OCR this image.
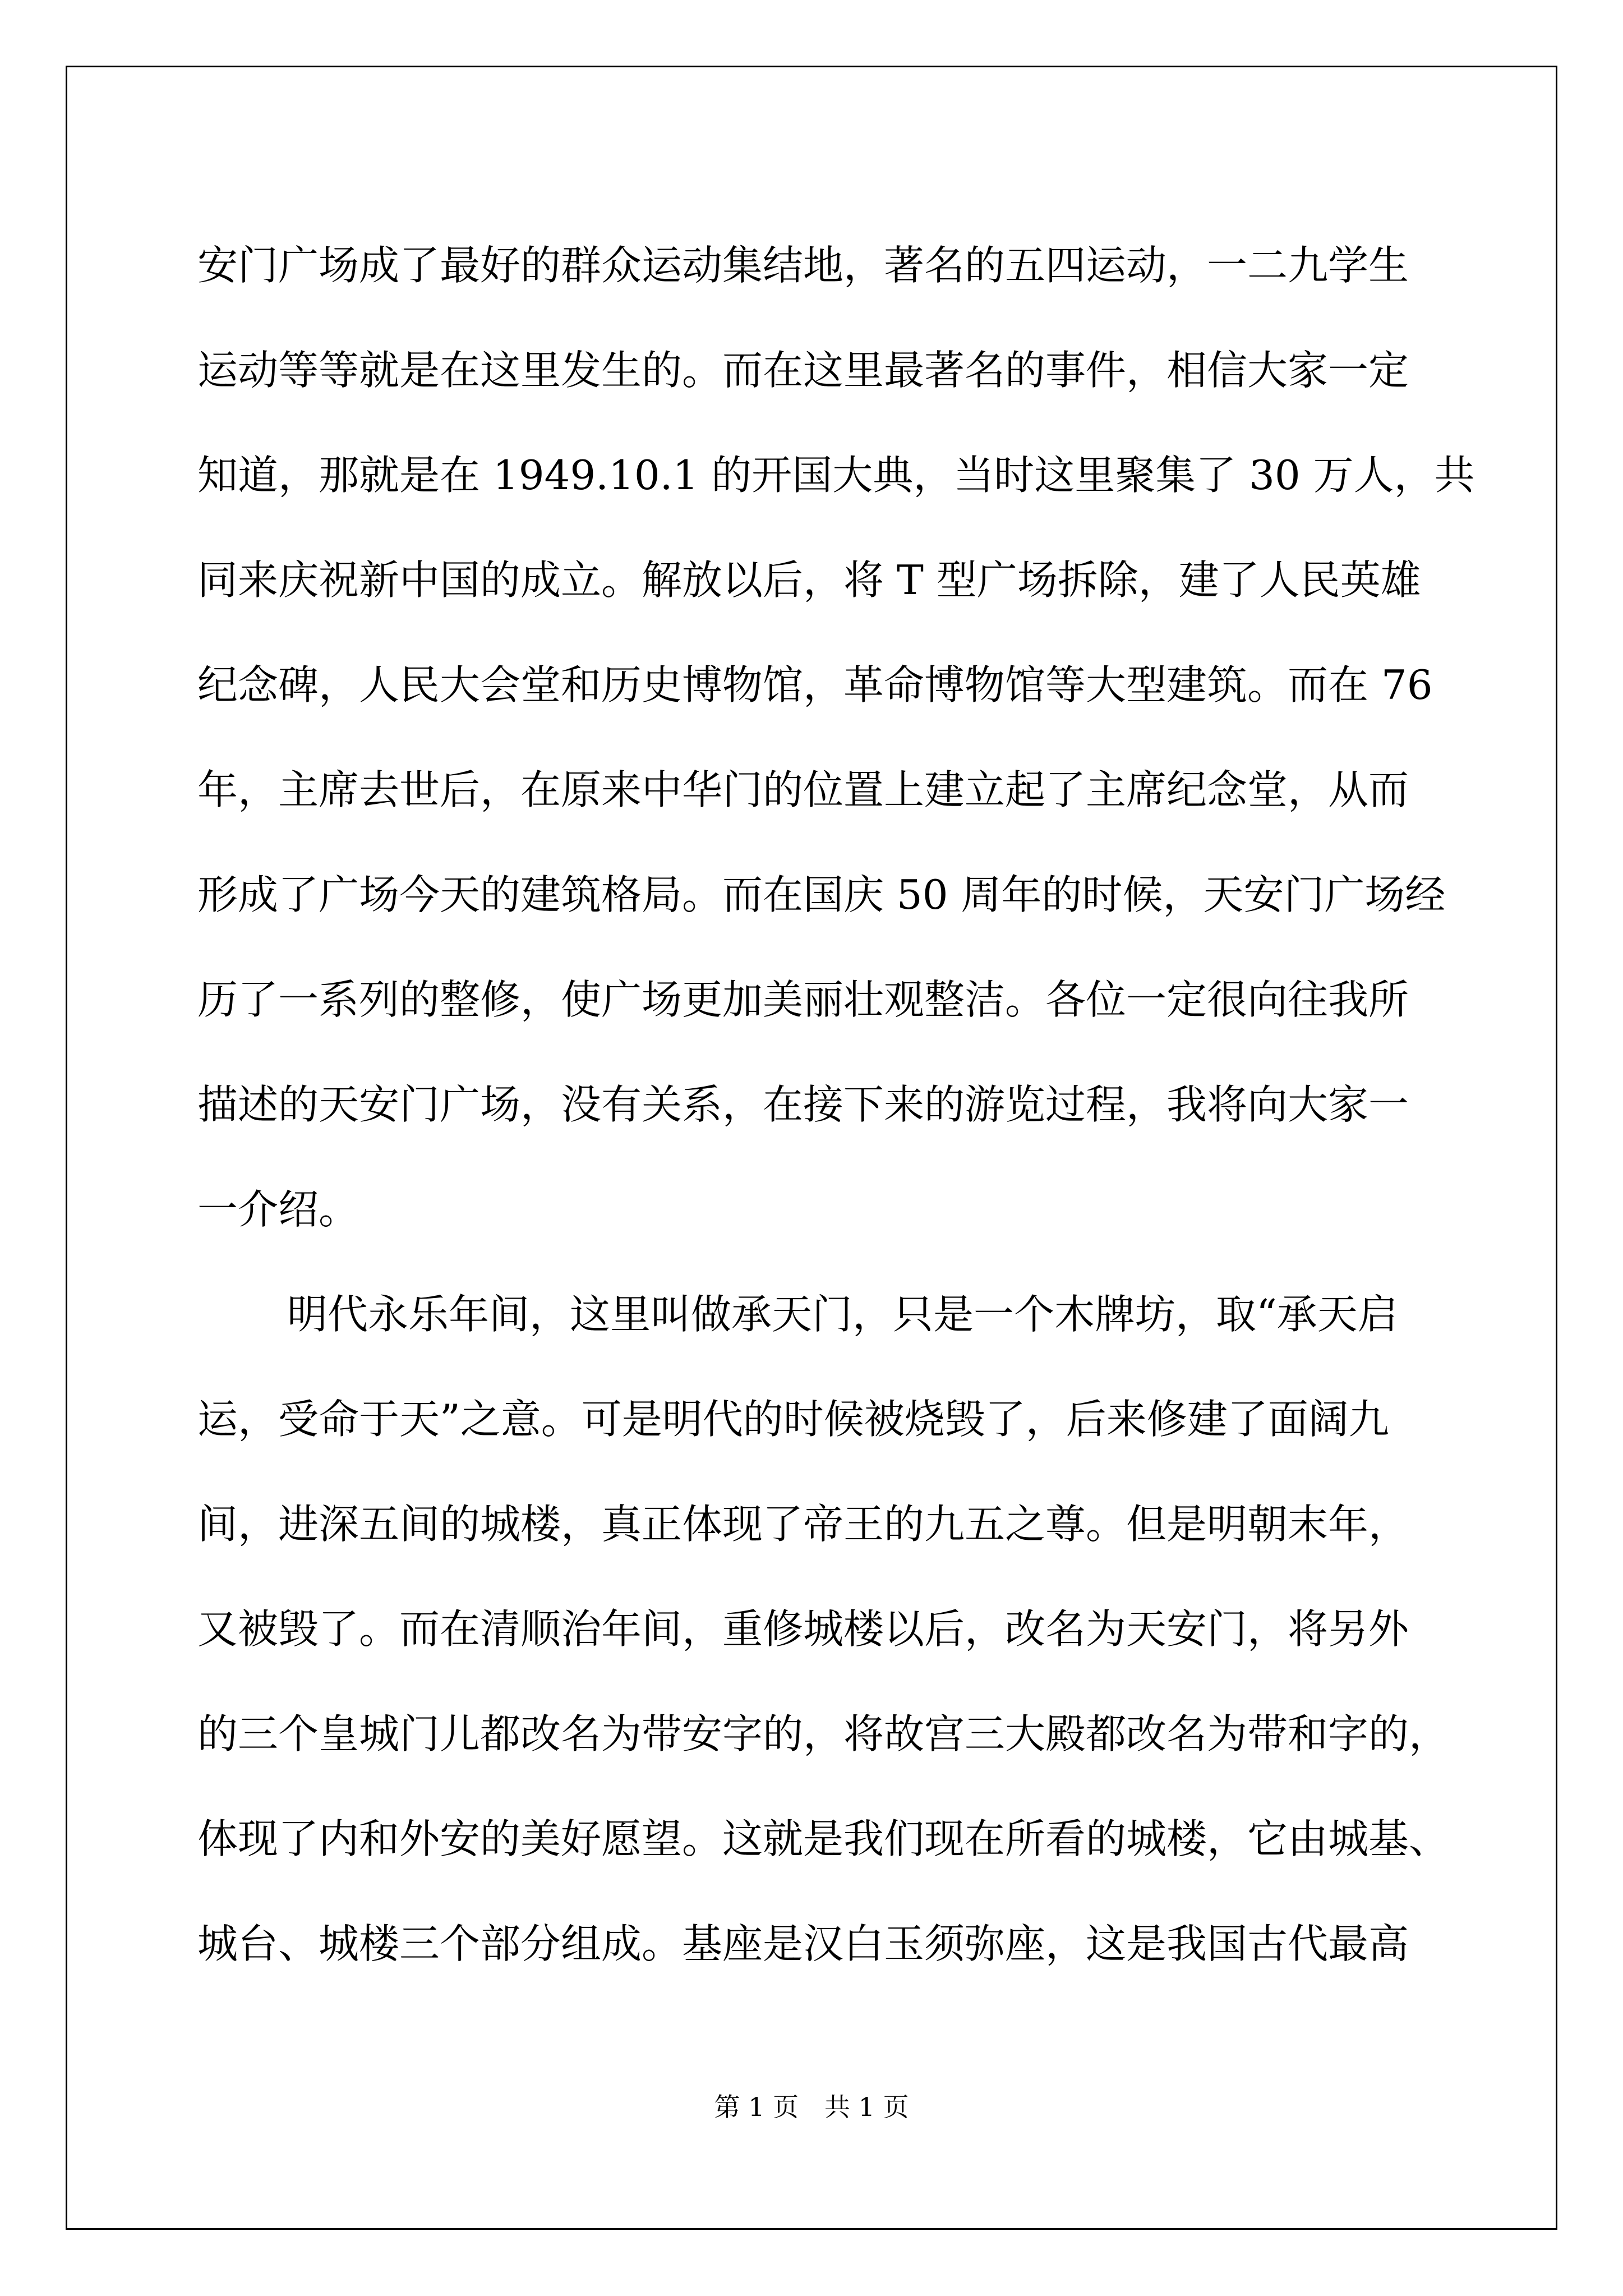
安门广场成了最好的群众运动集结地，著名的五四运动，一二九学生
运动等等就是在这里发生的。而在这里最著名的事件，相信大家一定
知道，那就是在 1949.10.1 的开国大典，当时这里聚集了 30 万人，共
同来庆祝新中国的成立。解放以后，将 T 型广场拆除，建了人民英雄
纪念碑，人民大会堂和历史博物馆，革命博物馆等大型建筑。而在 76
年，主席去世后，在原来中华门的位置上建立起了主席纪念堂，从而
形成了广场今天的建筑格局。而在国庆 50 周年的时候，天安门广场经
历了一系列的整修，使广场更加美丽壮观整洁。各位一定很向往我所
描述的天安门广场，没有关系，在接下来的游览过程，我将向大家一
一介绍。
明代永乐年间，这里叫做承天门，只是一个木牌坊，取“承天启
运，受命于天”之意。可是明代的时候被烧毁了，后来修建了面阔九
间，进深五间的城楼，真正体现了帝王的九五之尊。但是明朝末年，
又被毁了。而在清顺治年间，重修城楼以后，改名为天安门，将另外
的三个皇城门儿都改名为带安字的，将故宫三大殿都改名为带和字的，
体现了内和外安的美好愿望。这就是我们现在所看的城楼，它由城基、
城台、城楼三个部分组成。基座是汉白玉须弥座，这是我国古代最高
第 1 页　共 1 页
